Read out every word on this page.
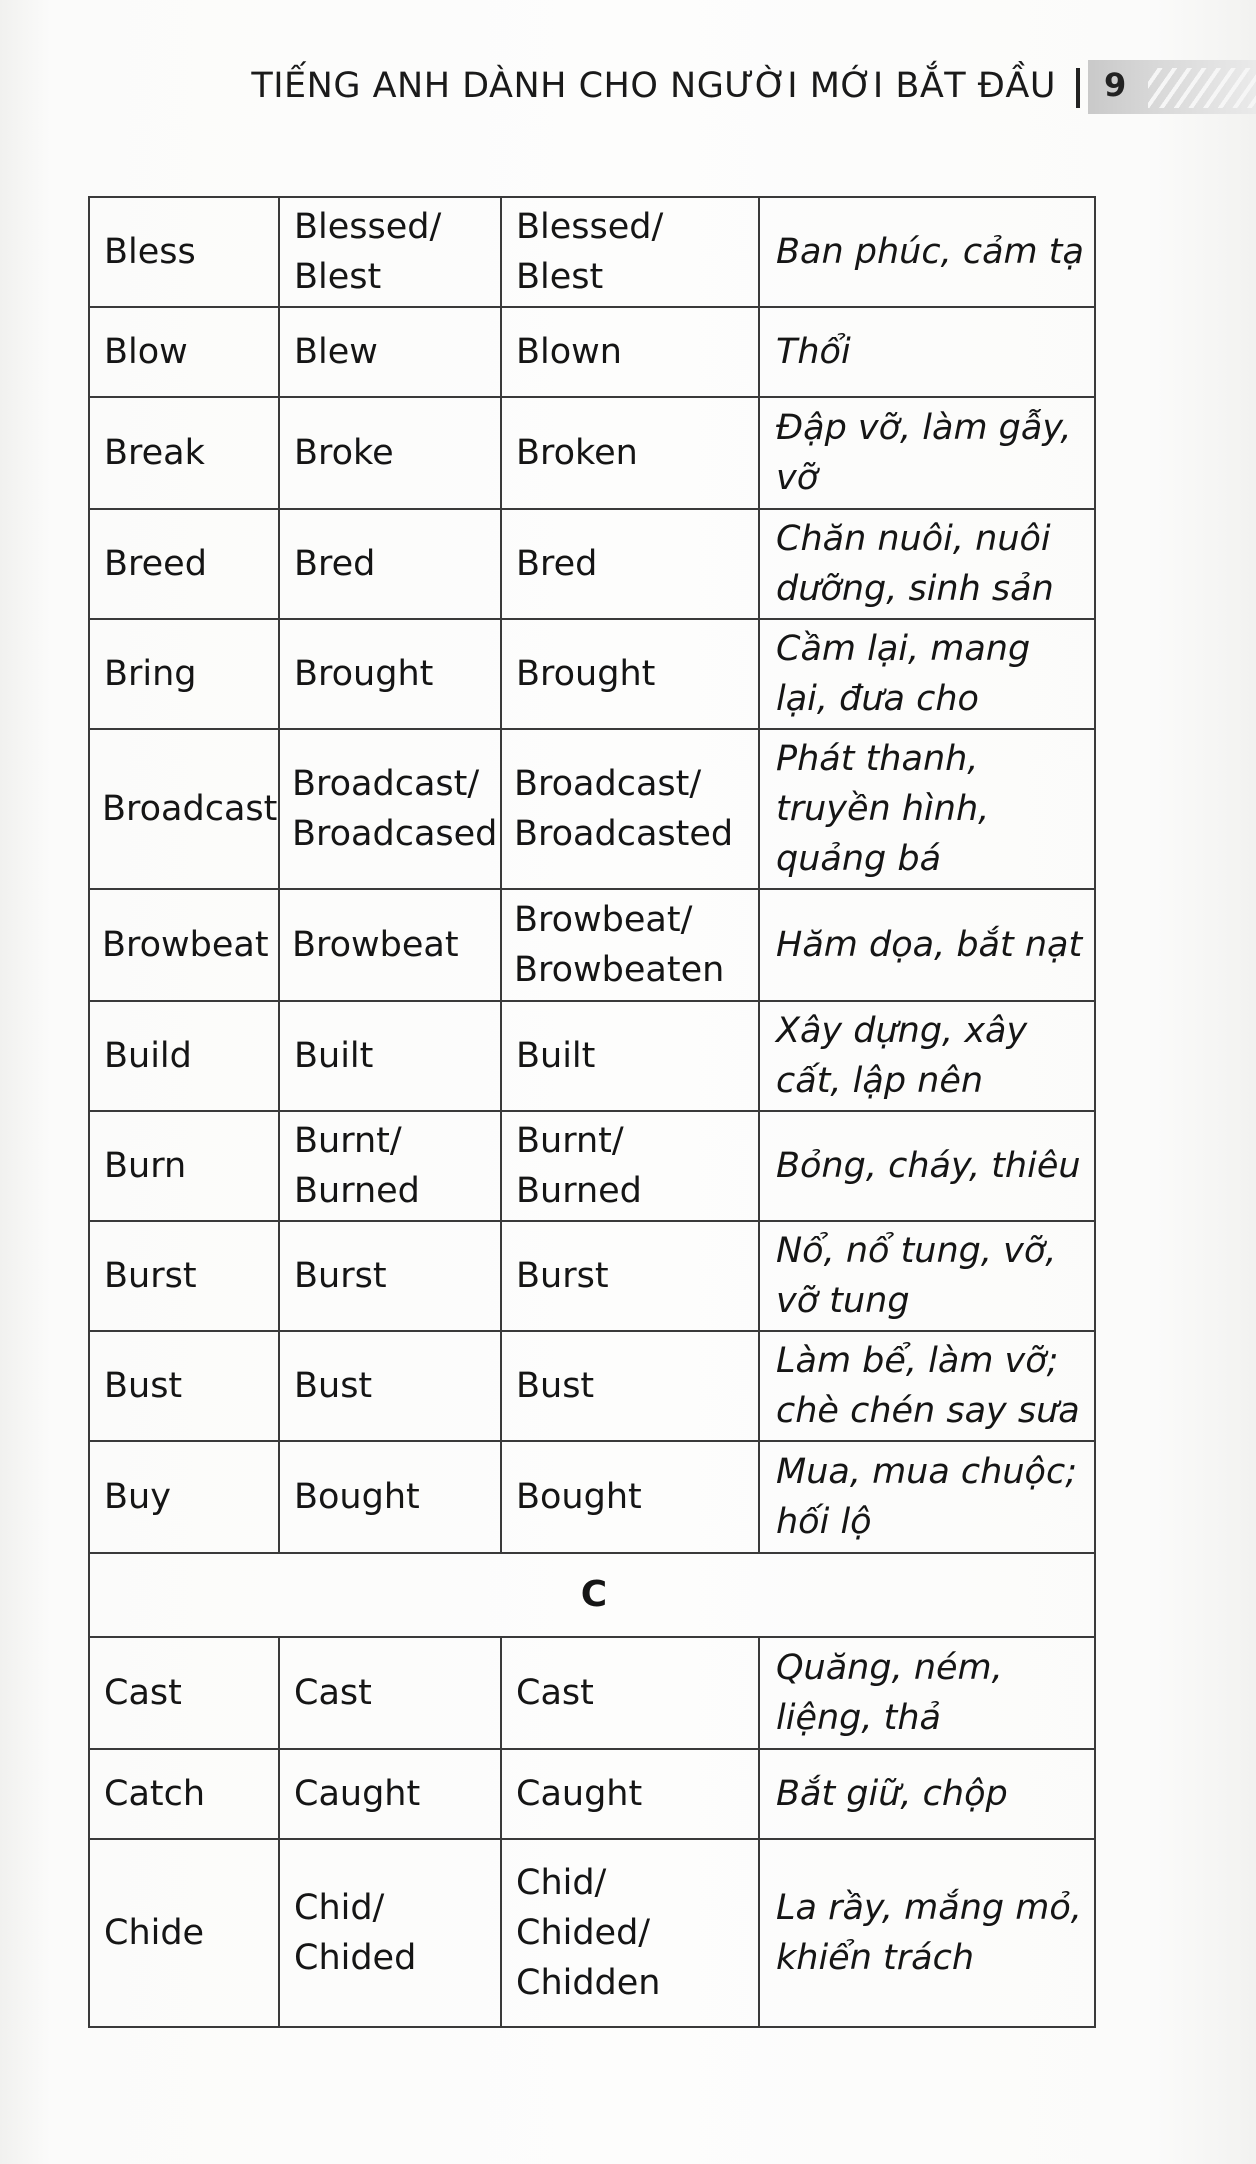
TIẾNG ANH DÀNH CHO NGƯỜI MỚI BẮT ĐẦU 9
Bless	Blessed/ Blest	Blessed/ Blest	Ban phúc, cảm tạ
Blow	Blew	Blown	Thổi
Break	Broke	Broken	Đập vỡ, làm gẫy, vỡ
Breed	Bred	Bred	Chăn nuôi, nuôi dưỡng, sinh sản
Bring	Brought	Brought	Cầm lại, mang lại, đưa cho
Broadcast	Broadcast/ Broadcased	Broadcast/ Broadcasted	Phát thanh, truyền hình, quảng bá
Browbeat	Browbeat	Browbeat/ Browbeaten	Hăm dọa, bắt nạt
Build	Built	Built	Xây dựng, xây cất, lập nên
Burn	Burnt/ Burned	Burnt/ Burned	Bỏng, cháy, thiêu
Burst	Burst	Burst	Nổ, nổ tung, vỡ, vỡ tung
Bust	Bust	Bust	Làm bể, làm vỡ; chè chén say sưa
Buy	Bought	Bought	Mua, mua chuộc; hối lộ
C			
Cast	Cast	Cast	Quăng, ném, liệng, thả
Catch	Caught	Caught	Bắt giữ, chộp
Chide	Chid/ Chided	Chid/ Chided/ Chidden	La rầy, mắng mỏ, khiển trách
